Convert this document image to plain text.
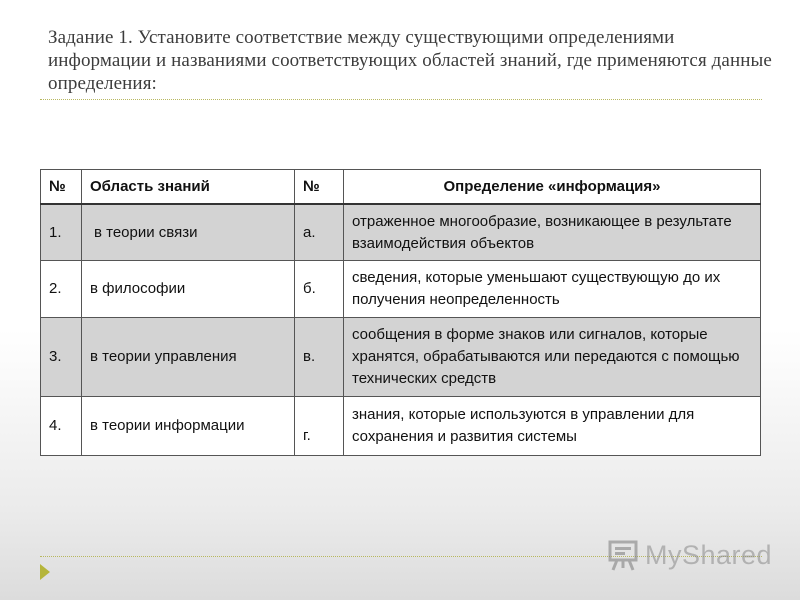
Задание 1. Установите соответствие между существующими определениями информации и названиями соответствующих областей знаний, где применяются данные определения:
№	Область знаний	№	Определение «информация»
1.	в теории связи	а.	отраженное многообразие, возникающее в результате взаимодействия объектов
2.	в философии	б.	сведения, которые уменьшают существующую до их получения неопределенность
3.	в теории управления	в.	сообщения в форме знаков или сигналов, которые хранятся, обрабатываются или передаются с помощью технических средств
4.	в теории информации	г.	знания, которые используются в управлении для сохранения и развития системы
MyShared
